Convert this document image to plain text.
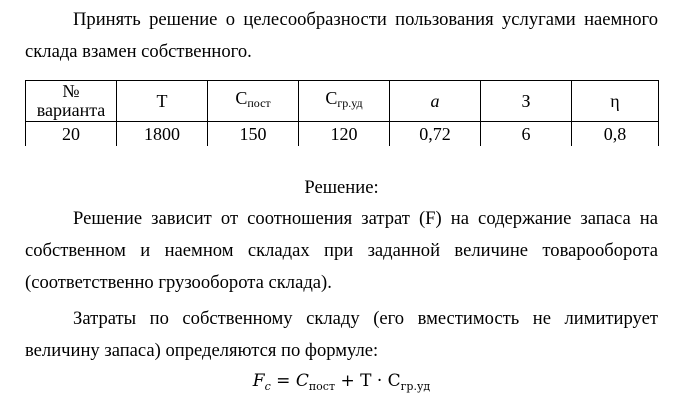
Принять решение о целесообразности пользования услугами наемного
склада взамен собственного.
№
варианта	Т	$С_{пост}$	$С_{гр.уд}$	a	З	η
20	1800	150	120	0,72	6	0,8
Решение:
Решение зависит от соотношения затрат (F) на содержание запаса на
собственном и наемном складах при заданной величине товарооборота
(соответственно грузооборота склада).
Затраты по собственному складу (его вместимость не лимитирует
величину запаса) определяются по формуле:
$F_c = C_{пост} + Т \cdot С_{гр.уд}$
